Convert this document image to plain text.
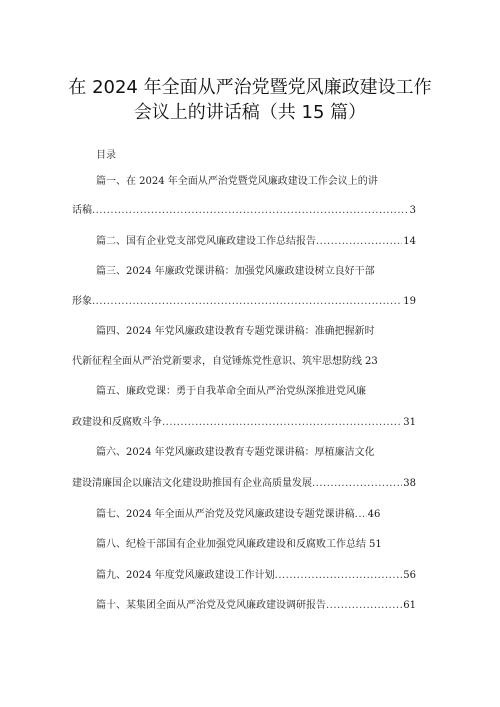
在 2024 年全面从严治党暨党风廉政建设工作
会议上的讲话稿（共 15 篇）
目录
篇一、在 2024 年全面从严治党暨党风廉政建设工作会议上的讲
话稿 .....	3
篇二、国有企业党支部党风廉政建设工作总结报告 .....	14
篇三、2024 年廉政党课讲稿：加强党风廉政建设树立良好干部
形象 .....	19
篇四、2024 年党风廉政建设教育专题党课讲稿：准确把握新时
代新征程全面从严治党新要求，自觉锤炼党性意识、筑牢思想防线 23
篇五、廉政党课：勇于自我革命全面从严治党纵深推进党风廉
政建设和反腐败斗争 .....	31
篇六、2024 年党风廉政建设教育专题党课讲稿：厚植廉洁文化
建设清廉国企以廉洁文化建设助推国有企业高质量发展 .....	38
篇七、2024 年全面从严治党及党风廉政建设专题党课讲稿 ..... 46
篇八、纪检干部国有企业加强党风廉政建设和反腐败工作总结 51
篇九、2024 年度党风廉政建设工作计划 .....	56
篇十、某集团全面从严治党及党风廉政建设调研报告 .....	61
